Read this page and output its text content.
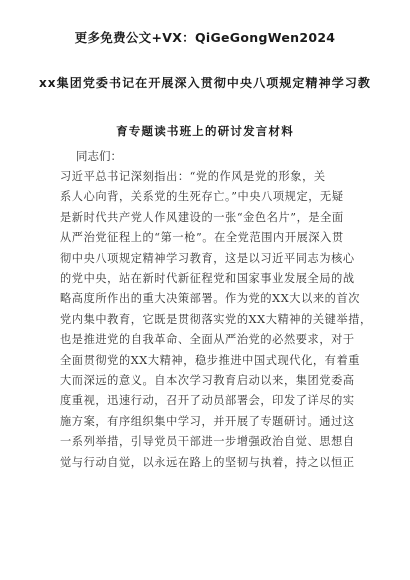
更多免费公文+VX：QiGeGongWen2024
xx集团党委书记在开展深入贯彻中央八项规定精神学习教
育专题读书班上的研讨发言材料
同志们：
习近平总书记深刻指出：“党的作风是党的形象，关
系人心向背，关系党的生死存亡。”中央八项规定，无疑
是新时代共产党人作风建设的一张“金色名片”，是全面
从严治党征程上的“第一枪”。在全党范围内开展深入贯
彻中央八项规定精神学习教育，这是以习近平同志为核心
的党中央，站在新时代新征程党和国家事业发展全局的战
略高度所作出的重大决策部署。作为党的XX大以来的首次
党内集中教育，它既是贯彻落实党的XX大精神的关键举措，
也是推进党的自我革命、全面从严治党的必然要求，对于
全面贯彻党的XX大精神，稳步推进中国式现代化，有着重
大而深远的意义。自本次学习教育启动以来，集团党委高
度重视，迅速行动，召开了动员部署会，印发了详尽的实
施方案，有序组织集中学习，并开展了专题研讨。通过这
一系列举措，引导党员干部进一步增强政治自觉、思想自
觉与行动自觉，以永远在路上的坚韧与执着，持之以恒正
